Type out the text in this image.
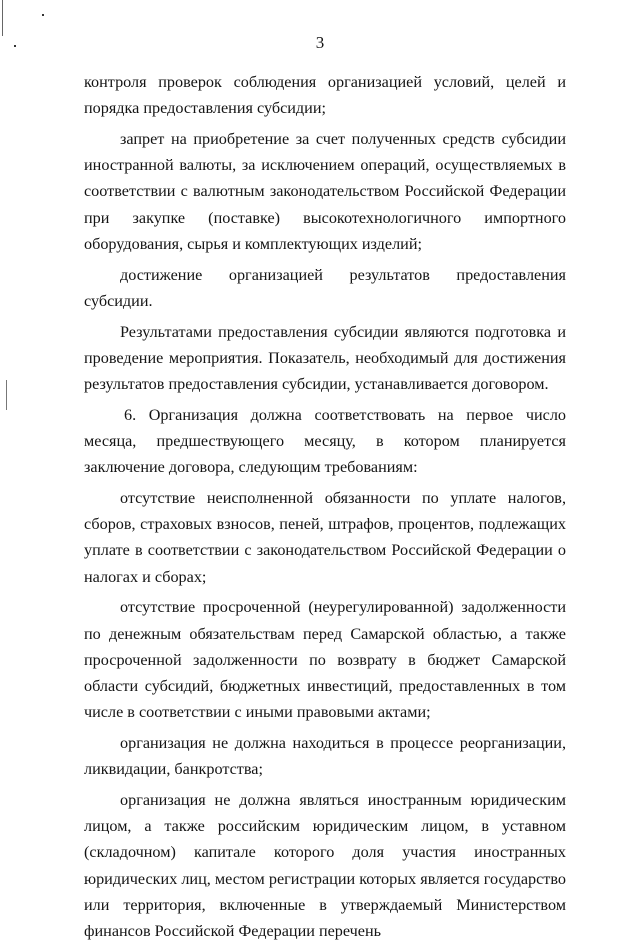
3

контроля проверок соблюдения организацией условий, целей и порядка предоставления субсидии;

запрет на приобретение за счет полученных средств субсидии иностранной валюты, за исключением операций, осуществляемых в соответствии с валютным законодательством Российской Федерации при закупке (поставке) высокотехнологичного импортного оборудования, сырья и комплектующих изделий;

достижение организацией результатов предоставления субсидии.

Результатами предоставления субсидии являются подготовка и проведение мероприятия. Показатель, необходимый для достижения результатов предоставления субсидии, устанавливается договором.

6. Организация должна соответствовать на первое число месяца, предшествующего месяцу, в котором планируется заключение договора, следующим требованиям:

отсутствие неисполненной обязанности по уплате налогов, сборов, страховых взносов, пеней, штрафов, процентов, подлежащих уплате в соответствии с законодательством Российской Федерации о налогах и сборах;

отсутствие просроченной (неурегулированной) задолженности по денежным обязательствам перед Самарской областью, а также просроченной задолженности по возврату в бюджет Самарской области субсидий, бюджетных инвестиций, предоставленных в том числе в соответствии с иными правовыми актами;

организация не должна находиться в процессе реорганизации, ликвидации, банкротства;

организация не должна являться иностранным юридическим лицом, а также российским юридическим лицом, в уставном (складочном) капитале которого доля участия иностранных юридических лиц, местом регистрации которых является государство или территория, включенные в утверждаемый Министерством финансов Российской Федерации перечень
